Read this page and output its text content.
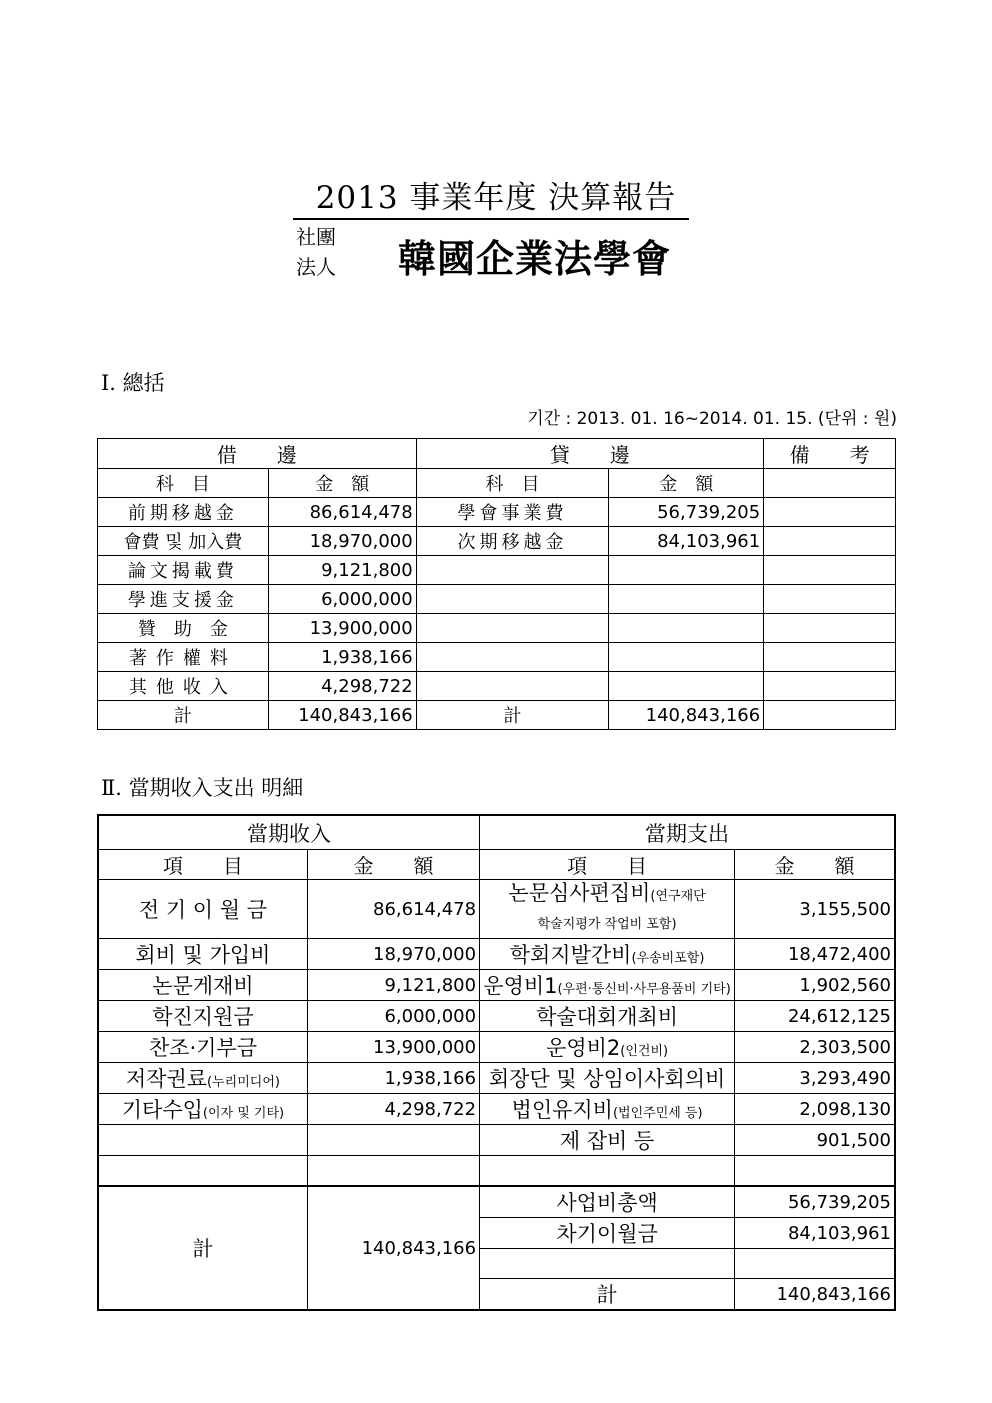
2013 事業年度 決算報告
社團
法人 韓國企業法學會
Ⅰ. 總括
기간 : 2013. 01. 16~2014. 01. 15. (단위 : 원)
借　　邊		貸　　邊		備　　考
科　目	金　額	科　目	金　額	
前期移越金	86,614,478	學會事業費	56,739,205	
會費 및 加入費	18,970,000	次期移越金	84,103,961	
論文揭載費	9,121,800			
學進支援金	6,000,000			
贊　助　金	13,900,000			
著作權料	1,938,166			
其他收入	4,298,722			
計	140,843,166	計	140,843,166	
Ⅱ. 當期收入支出 明細
當期收入		當期支出	
項　　目	金　　額	項　　目	金　　額
전 기 이 월 금	86,614,478	논문심사편집비(연구재단
학술지평가 작업비 포함)	3,155,500
회비 및 가입비	18,970,000	학회지발간비(우송비포함)	18,472,400
논문게재비	9,121,800	운영비1(우편·통신비·사무용품비 기타)	1,902,560
학진지원금	6,000,000	학술대회개최비	24,612,125
찬조·기부금	13,900,000	운영비2(인건비)	2,303,500
저작권료(누리미디어)	1,938,166	회장단 및 상임이사회의비	3,293,490
기타수입(이자 및 기타)	4,298,722	법인유지비(법인주민세 등)	2,098,130
		제 잡비 등	901,500

計	140,843,166	사업비총액	56,739,205
		차기이월금	84,103,961

		計	140,843,166
